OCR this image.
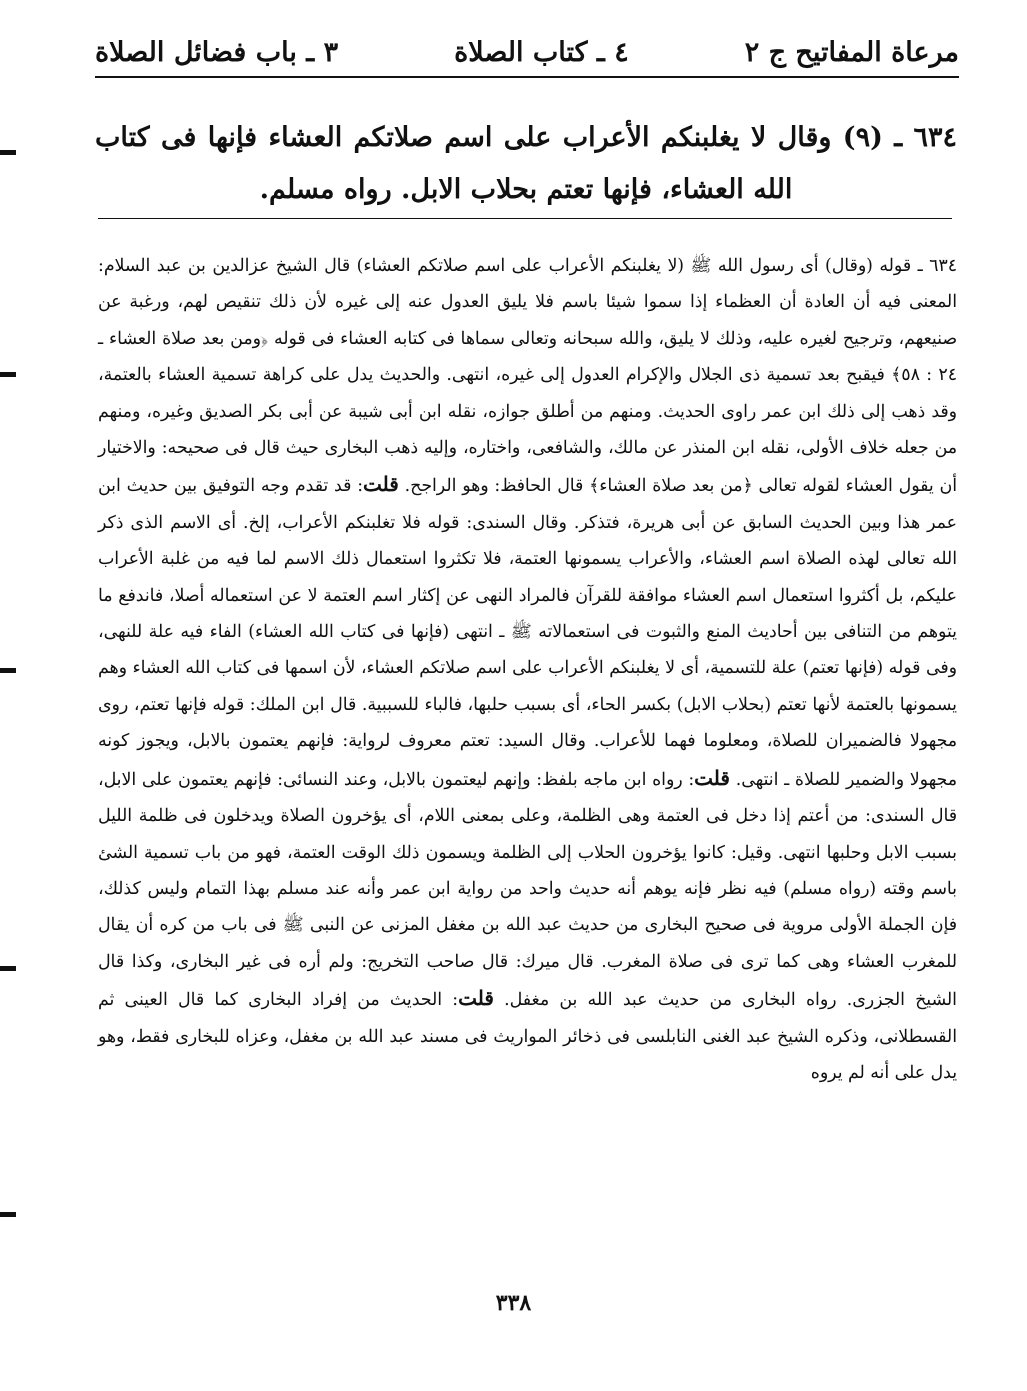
مرعاة المفاتيح ج ٢
٤ ـ كتاب الصلاة
٣ ـ باب فضائل الصلاة
٦٣٤ ـ (٩) وقال لا يغلبنكم الأعراب على اسم صلاتكم العشاء فإنها فى كتاب الله العشاء، فإنها تعتم بحلاب الابل. رواه مسلم.

٦٣٤ ـ قوله (وقال) أى رسول الله ﷺ (لا يغلبنكم الأعراب على اسم صلاتكم العشاء) قال الشيخ عزالدين بن عبد السلام: المعنى فيه أن العادة أن العظماء إذا سموا شيئا باسم فلا يليق العدول عنه إلى غيره لأن ذلك تنقيص لهم، ورغبة عن صنيعهم، وترجيح لغيره عليه، وذلك لا يليق، والله سبحانه وتعالى سماها فى كتابه العشاء فى قوله ﴿ومن بعد صلاة العشاء ـ ٢٤ : ٥٨﴾ فيقبح بعد تسمية ذى الجلال والإكرام العدول إلى غيره، انتهى. والحديث يدل على كراهة تسمية العشاء بالعتمة، وقد ذهب إلى ذلك ابن عمر راوى الحديث. ومنهم من أطلق جوازه، نقله ابن أبى شيبة عن أبى بكر الصديق وغيره، ومنهم من جعله خلاف الأولى، نقله ابن المنذر عن مالك، والشافعى، واختاره، وإليه ذهب البخارى حيث قال فى صحيحه: والاختيار أن يقول العشاء لقوله تعالى ﴿من بعد صلاة العشاء﴾ قال الحافظ: وهو الراجح. قلت: قد تقدم وجه التوفيق بين حديث ابن عمر هذا وبين الحديث السابق عن أبى هريرة، فتذكر. وقال السندى: قوله فلا تغلبنكم الأعراب، إلخ. أى الاسم الذى ذكر الله تعالى لهذه الصلاة اسم العشاء، والأعراب يسمونها العتمة، فلا تكثروا استعمال ذلك الاسم لما فيه من غلبة الأعراب عليكم، بل أكثروا استعمال اسم العشاء موافقة للقرآن فالمراد النهى عن إكثار اسم العتمة لا عن استعماله أصلا، فاندفع ما يتوهم من التنافى بين أحاديث المنع والثبوت فى استعمالاته ﷺ ـ انتهى (فإنها فى كتاب الله العشاء) الفاء فيه علة للنهى، وفى قوله (فإنها تعتم) علة للتسمية، أى لا يغلبنكم الأعراب على اسم صلاتكم العشاء، لأن اسمها فى كتاب الله العشاء وهم يسمونها بالعتمة لأنها تعتم (بحلاب الابل) بكسر الحاء، أى بسبب حلبها، فالباء للسببية. قال ابن الملك: قوله فإنها تعتم، روى مجهولا فالضميران للصلاة، ومعلوما فهما للأعراب. وقال السيد: تعتم معروف لرواية: فإنهم يعتمون بالابل، ويجوز كونه مجهولا والضمير للصلاة ـ انتهى. قلت: رواه ابن ماجه بلفظ: وإنهم ليعتمون بالابل، وعند النسائى: فإنهم يعتمون على الابل، قال السندى: من أعتم إذا دخل فى العتمة وهى الظلمة، وعلى بمعنى اللام، أى يؤخرون الصلاة ويدخلون فى ظلمة الليل بسبب الابل وحلبها انتهى. وقيل: كانوا يؤخرون الحلاب إلى الظلمة ويسمون ذلك الوقت العتمة، فهو من باب تسمية الشئ باسم وقته (رواه مسلم) فيه نظر فإنه يوهم أنه حديث واحد من رواية ابن عمر وأنه عند مسلم بهذا التمام وليس كذلك، فإن الجملة الأولى مروية فى صحيح البخارى من حديث عبد الله بن مغفل المزنى عن النبى ﷺ فى باب من كره أن يقال للمغرب العشاء وهى كما ترى فى صلاة المغرب. قال ميرك: قال صاحب التخريج: ولم أره فى غير البخارى، وكذا قال الشيخ الجزرى. رواه البخارى من حديث عبد الله بن مغفل. قلت: الحديث من إفراد البخارى كما قال العينى ثم القسطلانى، وذكره الشيخ عبد الغنى النابلسى فى ذخائر المواريث فى مسند عبد الله بن مغفل، وعزاه للبخارى فقط، وهو يدل على أنه لم يروه

٣٣٨
